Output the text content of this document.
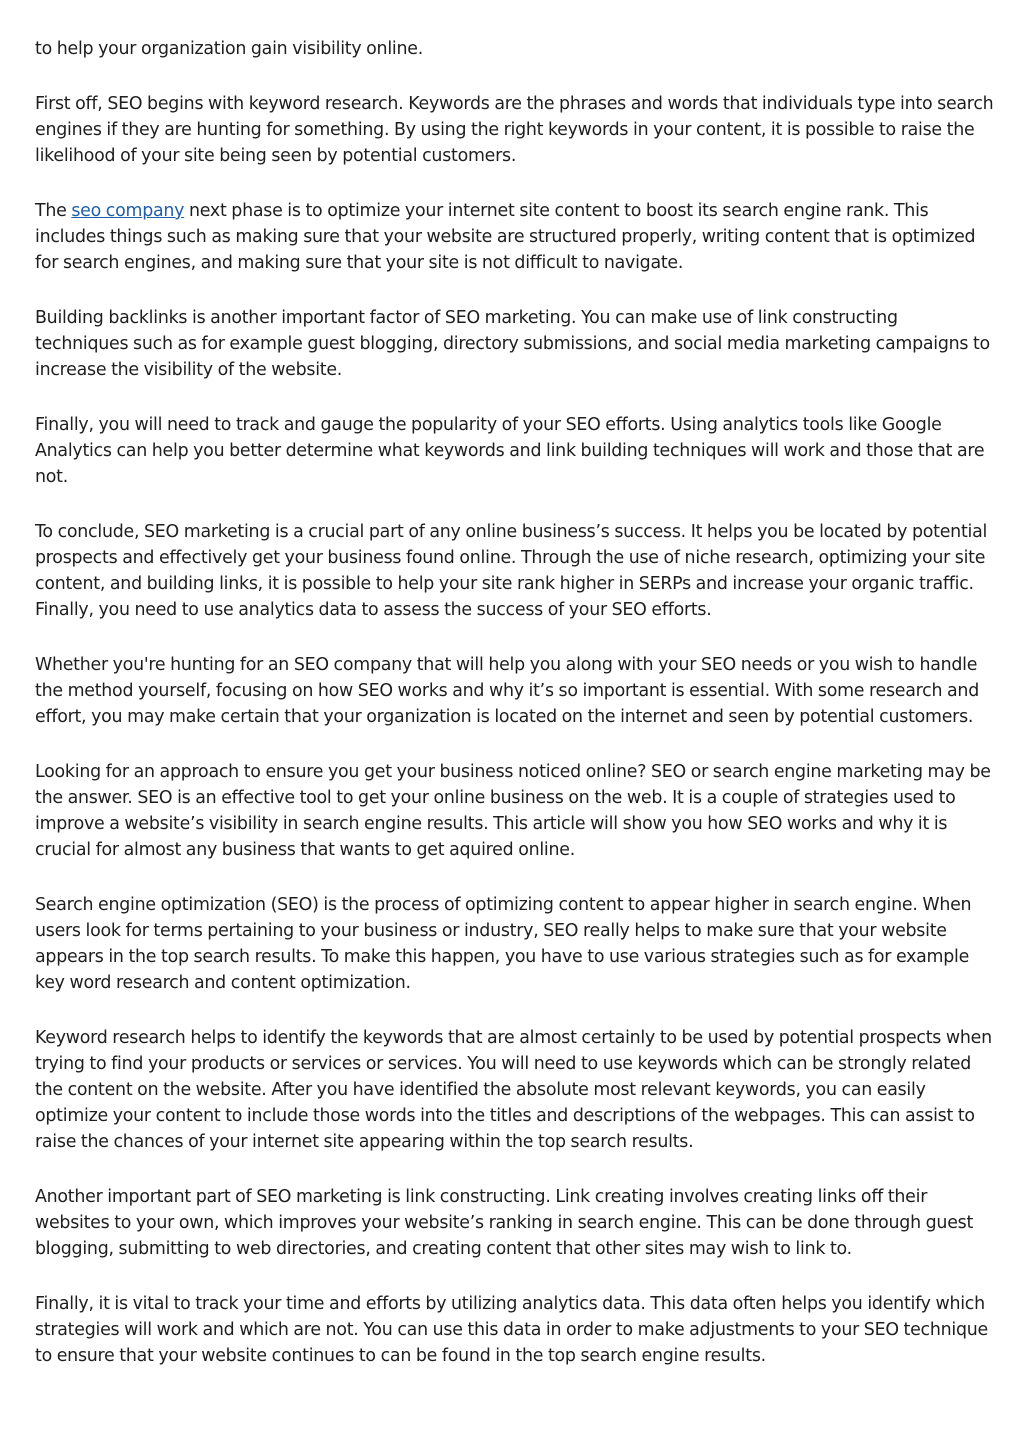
to help your organization gain visibility online.

First off, SEO begins with keyword research. Keywords are the phrases and words that individuals type into search engines if they are hunting for something. By using the right keywords in your content, it is possible to raise the likelihood of your site being seen by potential customers.

The seo company next phase is to optimize your internet site content to boost its search engine rank. This includes things such as making sure that your website are structured properly, writing content that is optimized for search engines, and making sure that your site is not difficult to navigate.

Building backlinks is another important factor of SEO marketing. You can make use of link constructing techniques such as for example guest blogging, directory submissions, and social media marketing campaigns to increase the visibility of the website.

Finally, you will need to track and gauge the popularity of your SEO efforts. Using analytics tools like Google Analytics can help you better determine what keywords and link building techniques will work and those that are not.

To conclude, SEO marketing is a crucial part of any online business’s success. It helps you be located by potential prospects and effectively get your business found online. Through the use of niche research, optimizing your site content, and building links, it is possible to help your site rank higher in SERPs and increase your organic traffic. Finally, you need to use analytics data to assess the success of your SEO efforts.

Whether you're hunting for an SEO company that will help you along with your SEO needs or you wish to handle the method yourself, focusing on how SEO works and why it’s so important is essential. With some research and effort, you may make certain that your organization is located on the internet and seen by potential customers.

Looking for an approach to ensure you get your business noticed online? SEO or search engine marketing may be the answer. SEO is an effective tool to get your online business on the web. It is a couple of strategies used to improve a website’s visibility in search engine results. This article will show you how SEO works and why it is crucial for almost any business that wants to get aquired online.

Search engine optimization (SEO) is the process of optimizing content to appear higher in search engine. When users look for terms pertaining to your business or industry, SEO really helps to make sure that your website appears in the top search results. To make this happen, you have to use various strategies such as for example key word research and content optimization.

Keyword research helps to identify the keywords that are almost certainly to be used by potential prospects when trying to find your products or services or services. You will need to use keywords which can be strongly related the content on the website. After you have identified the absolute most relevant keywords, you can easily optimize your content to include those words into the titles and descriptions of the webpages. This can assist to raise the chances of your internet site appearing within the top search results.

Another important part of SEO marketing is link constructing. Link creating involves creating links off their websites to your own, which improves your website’s ranking in search engine. This can be done through guest blogging, submitting to web directories, and creating content that other sites may wish to link to.

Finally, it is vital to track your time and efforts by utilizing analytics data. This data often helps you identify which strategies will work and which are not. You can use this data in order to make adjustments to your SEO technique to ensure that your website continues to can be found in the top search engine results.
